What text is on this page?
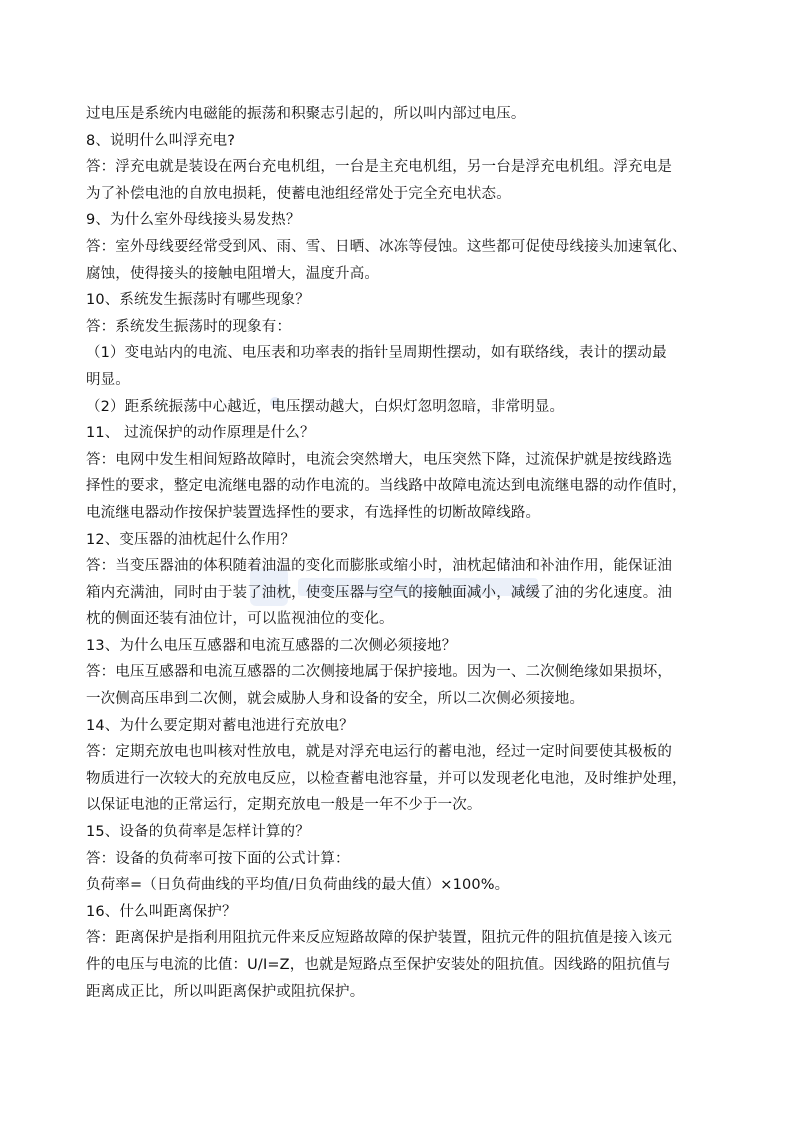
过电压是系统内电磁能的振荡和积聚志引起的，所以叫内部过电压。
8、说明什么叫浮充电?
答：浮充电就是装设在两台充电机组，一台是主充电机组，另一台是浮充电机组。浮充电是
为了补偿电池的自放电损耗，使蓄电池组经常处于完全充电状态。
9、为什么室外母线接头易发热？
答：室外母线要经常受到风、雨、雪、日晒、冰冻等侵蚀。这些都可促使母线接头加速氧化、
腐蚀，使得接头的接触电阻增大，温度升高。
10、系统发生振荡时有哪些现象？
答：系统发生振荡时的现象有：
（1）变电站内的电流、电压表和功率表的指针呈周期性摆动，如有联络线，表计的摆动最
明显。
（2）距系统振荡中心越近，电压摆动越大，白炽灯忽明忽暗，非常明显。
11、 过流保护的动作原理是什么？
答：电网中发生相间短路故障时，电流会突然增大，电压突然下降，过流保护就是按线路选
择性的要求，整定电流继电器的动作电流的。当线路中故障电流达到电流继电器的动作值时，
电流继电器动作按保护装置选择性的要求，有选择性的切断故障线路。
12、变压器的油枕起什么作用？
答：当变压器油的体积随着油温的变化而膨胀或缩小时，油枕起储油和补油作用，能保证油
箱内充满油，同时由于装了油枕，使变压器与空气的接触面减小，减缓了油的劣化速度。油
枕的侧面还装有油位计，可以监视油位的变化。
13、为什么电压互感器和电流互感器的二次侧必须接地？
答：电压互感器和电流互感器的二次侧接地属于保护接地。因为一、二次侧绝缘如果损坏，
一次侧高压串到二次侧，就会威胁人身和设备的安全，所以二次侧必须接地。
14、为什么要定期对蓄电池进行充放电？
答：定期充放电也叫核对性放电，就是对浮充电运行的蓄电池，经过一定时间要使其极板的
物质进行一次较大的充放电反应，以检查蓄电池容量，并可以发现老化电池，及时维护处理，
以保证电池的正常运行，定期充放电一般是一年不少于一次。
15、设备的负荷率是怎样计算的？
答：设备的负荷率可按下面的公式计算：
负荷率=（日负荷曲线的平均值/日负荷曲线的最大值）×100%。
16、什么叫距离保护？
答：距离保护是指利用阻抗元件来反应短路故障的保护装置，阻抗元件的阻抗值是接入该元
件的电压与电流的比值：U/I=Z，也就是短路点至保护安装处的阻抗值。因线路的阻抗值与
距离成正比，所以叫距离保护或阻抗保护。
